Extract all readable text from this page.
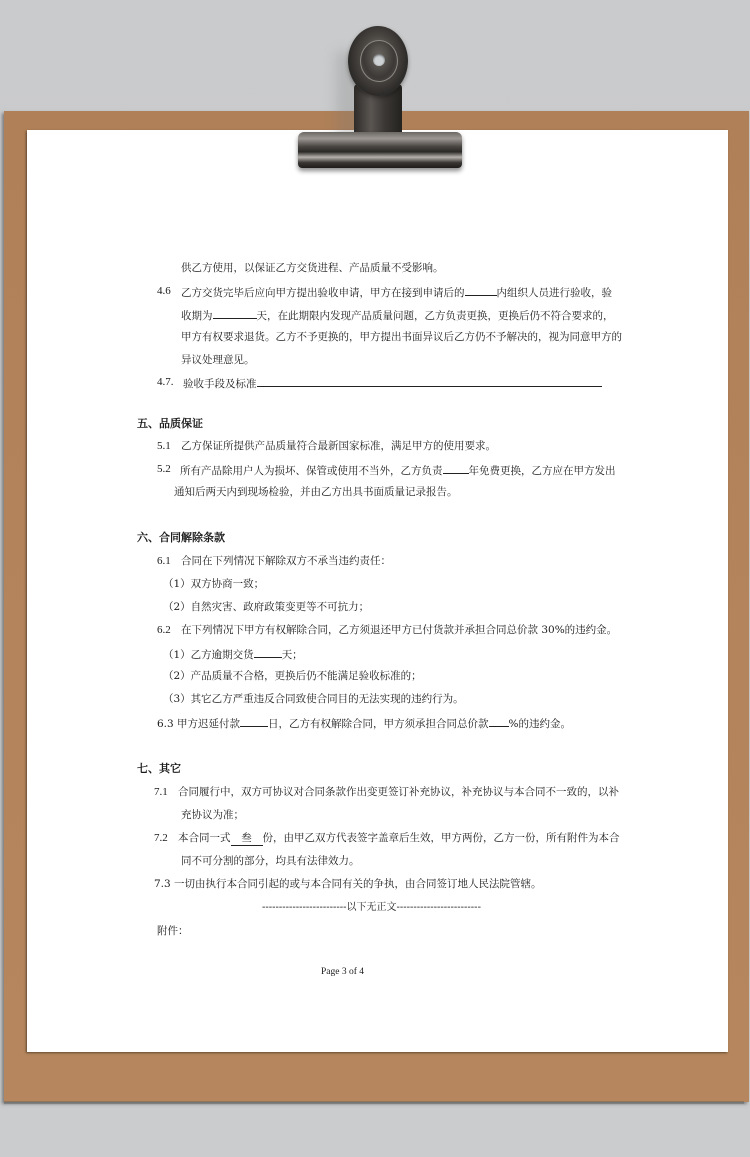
供乙方使用，以保证乙方交货进程、产品质量不受影响。
4.6 乙方交货完毕后应向甲方提出验收申请，甲方在接到申请后的	内组织人员进行验收，验
收期为	天，在此期限内发现产品质量问题，乙方负责更换，更换后仍不符合要求的，
甲方有权要求退货。乙方不予更换的，甲方提出书面异议后乙方仍不予解决的，视为同意甲方的
异议处理意见。
4.7. 验收手段及标准
五、品质保证
5.1 乙方保证所提供产品质量符合最新国家标准，满足甲方的使用要求。
5.2 所有产品除用户人为损坏、保管或使用不当外，乙方负责 年免费更换，乙方应在甲方发出
通知后两天内到现场检验，并由乙方出具书面质量记录报告。
六、合同解除条款
6.1 合同在下列情况下解除双方不承当违约责任：
（1）双方协商一致；
（2）自然灾害、政府政策变更等不可抗力；
6.2 在下列情况下甲方有权解除合同，乙方须退还甲方已付货款并承担合同总价款 30%的违约金。
（1）乙方逾期交货	天；
（2）产品质量不合格，更换后仍不能满足验收标准的；
（3）其它乙方严重违反合同致使合同目的无法实现的违约行为。
6.3 甲方迟延付款	日，乙方有权解除合同，甲方须承担合同总价款 %的违约金。
七、其它
7.1 合同履行中，双方可协议对合同条款作出变更签订补充协议，补充协议与本合同不一致的，以补
充协议为准；
7.2 本合同一式 叁 份，由甲乙双方代表签字盖章后生效，甲方两份，乙方一份，所有附件为本合
同不可分割的部分，均具有法律效力。
7.3 一切由执行本合同引起的或与本合同有关的争执，由合同签订地人民法院管辖。
-------------------------以下无正文-------------------------
附件：
Page 3 of 4
